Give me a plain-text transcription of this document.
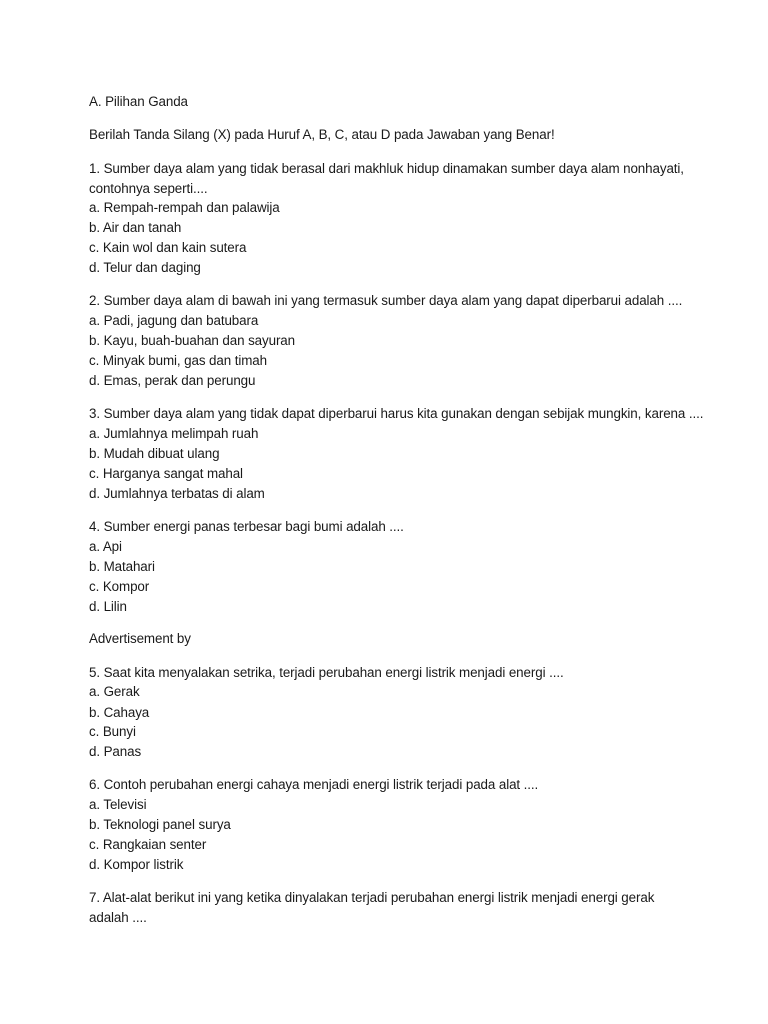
A. Pilihan Ganda

Berilah Tanda Silang (X) pada Huruf A, B, C, atau D pada Jawaban yang Benar!

1. Sumber daya alam yang tidak berasal dari makhluk hidup dinamakan sumber daya alam nonhayati,

contohnya seperti....

a. Rempah-rempah dan palawija

b. Air dan tanah

c. Kain wol dan kain sutera

d. Telur dan daging

2. Sumber daya alam di bawah ini yang termasuk sumber daya alam yang dapat diperbarui adalah ....

a. Padi, jagung dan batubara

b. Kayu, buah-buahan dan sayuran

c. Minyak bumi, gas dan timah

d. Emas, perak dan perungu

3. Sumber daya alam yang tidak dapat diperbarui harus kita gunakan dengan sebijak mungkin, karena ....

a. Jumlahnya melimpah ruah

b. Mudah dibuat ulang

c. Harganya sangat mahal

d. Jumlahnya terbatas di alam

4. Sumber energi panas terbesar bagi bumi adalah ....

a. Api

b. Matahari

c. Kompor

d. Lilin

Advertisement by

5. Saat kita menyalakan setrika, terjadi perubahan energi listrik menjadi energi ....

a. Gerak

b. Cahaya

c. Bunyi

d. Panas

6. Contoh perubahan energi cahaya menjadi energi listrik terjadi pada alat ....

a. Televisi

b. Teknologi panel surya

c. Rangkaian senter

d. Kompor listrik

7. Alat-alat berikut ini yang ketika dinyalakan terjadi perubahan energi listrik menjadi energi gerak

adalah ....
